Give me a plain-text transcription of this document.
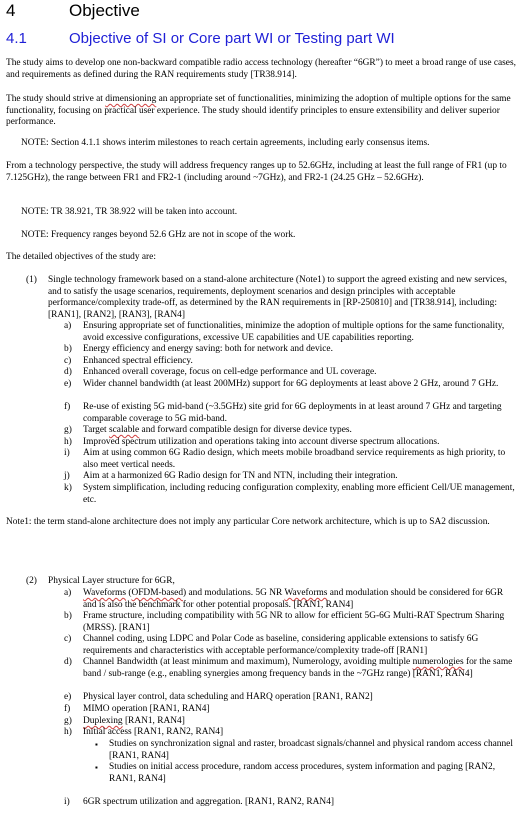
4	Objective
4.1	Objective of SI or Core part WI or Testing part WI
The study aims to develop one non-backward compatible radio access technology (hereafter “6GR”) to meet a broad range of use cases, and requirements as defined during the RAN requirements study [TR38.914].
The study should strive at dimensioning an appropriate set of functionalities, minimizing the adoption of multiple options for the same functionality, focusing on practical user experience. The study should identify principles to ensure extensibility and deliver superior performance.
NOTE: Section 4.1.1 shows interim milestones to reach certain agreements, including early consensus items.
From a technology perspective, the study will address frequency ranges up to 52.6GHz, including at least the full range of FR1 (up to 7.125GHz), the range between FR1 and FR2-1 (including around ~7GHz), and FR2-1 (24.25 GHz – 52.6GHz).
NOTE: TR 38.921, TR 38.922 will be taken into account.
NOTE: Frequency ranges beyond 52.6 GHz are not in scope of the work.
The detailed objectives of the study are:
(1) Single technology framework based on a stand-alone architecture (Note1) to support the agreed existing and new services, and to satisfy the usage scenarios, requirements, deployment scenarios and design principles with acceptable performance/complexity trade-off, as determined by the RAN requirements in [RP-250810] and [TR38.914], including: [RAN1], [RAN2], [RAN3], [RAN4]
a) Ensuring appropriate set of functionalities, minimize the adoption of multiple options for the same functionality, avoid excessive configurations, excessive UE capabilities and UE capabilities reporting.
b) Energy efficiency and energy saving: both for network and device.
c) Enhanced spectral efficiency.
d) Enhanced overall coverage, focus on cell-edge performance and UL coverage.
e) Wider channel bandwidth (at least 200MHz) support for 6G deployments at least above 2 GHz, around 7 GHz.
f) Re-use of existing 5G mid-band (~3.5GHz) site grid for 6G deployments in at least around 7 GHz and targeting comparable coverage to 5G mid-band.
g) Target scalable and forward compatible design for diverse device types.
h) Improved spectrum utilization and operations taking into account diverse spectrum allocations.
i) Aim at using common 6G Radio design, which meets mobile broadband service requirements as high priority, to also meet vertical needs.
j) Aim at a harmonized 6G Radio design for TN and NTN, including their integration.
k) System simplification, including reducing configuration complexity, enabling more efficient Cell/UE management, etc.
Note1: the term stand-alone architecture does not imply any particular Core network architecture, which is up to SA2 discussion.
(2) Physical Layer structure for 6GR,
a) Waveforms (OFDM-based) and modulations. 5G NR Waveforms and modulation should be considered for 6GR and is also the benchmark for other potential proposals. [RAN1, RAN4]
b) Frame structure, including compatibility with 5G NR to allow for efficient 5G-6G Multi-RAT Spectrum Sharing (MRSS). [RAN1]
c) Channel coding, using LDPC and Polar Code as baseline, considering applicable extensions to satisfy 6G requirements and characteristics with acceptable performance/complexity trade-off [RAN1]
d) Channel Bandwidth (at least minimum and maximum), Numerology, avoiding multiple numerologies for the same band / sub-range (e.g., enabling synergies among frequency bands in the ~7GHz range) [RAN1, RAN4]
e) Physical layer control, data scheduling and HARQ operation [RAN1, RAN2]
f) MIMO operation [RAN1, RAN4]
g) Duplexing [RAN1, RAN4]
h) Initial access [RAN1, RAN2, RAN4]
▪ Studies on synchronization signal and raster, broadcast signals/channel and physical random access channel [RAN1, RAN4]
▪ Studies on initial access procedure, random access procedures, system information and paging [RAN2, RAN1, RAN4]
i) 6GR spectrum utilization and aggregation. [RAN1, RAN2, RAN4]
